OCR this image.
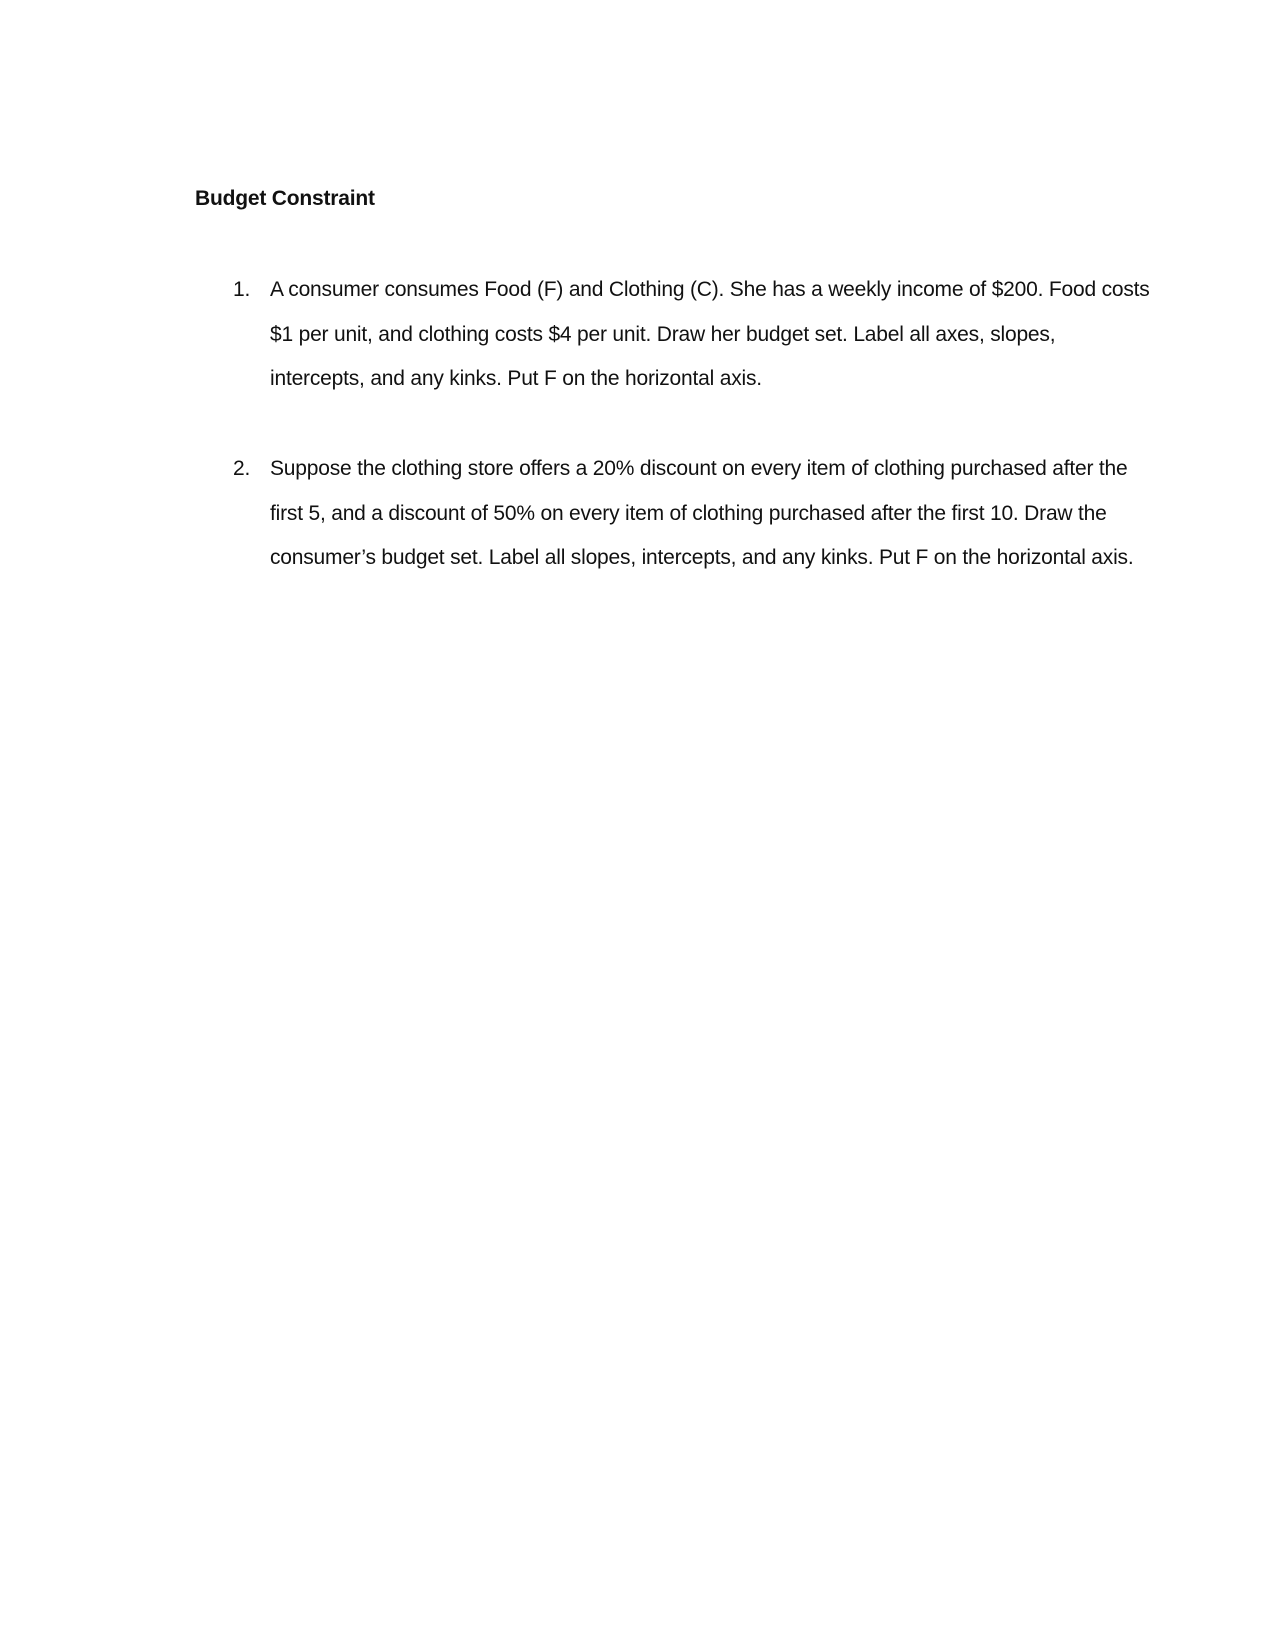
Budget Constraint
1. A consumer consumes Food (F) and Clothing (C). She has a weekly income of $200. Food costs $1 per unit, and clothing costs $4 per unit. Draw her budget set. Label all axes, slopes, intercepts, and any kinks. Put F on the horizontal axis.
2. Suppose the clothing store offers a 20% discount on every item of clothing purchased after the first 5, and a discount of 50% on every item of clothing purchased after the first 10. Draw the consumer’s budget set. Label all slopes, intercepts, and any kinks. Put F on the horizontal axis.
